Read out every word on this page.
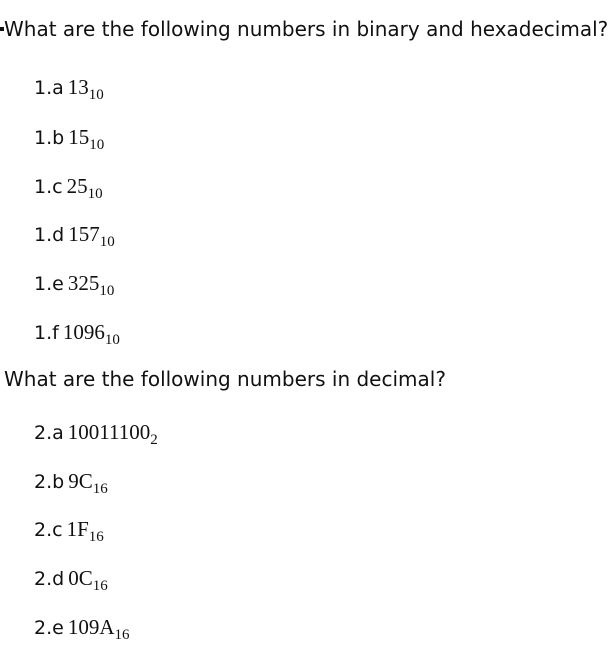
What are the following numbers in binary and hexadecimal?
1.a $13_{10}$
1.b $15_{10}$
1.c $25_{10}$
1.d $157_{10}$
1.e $325_{10}$
1.f $1096_{10}$
What are the following numbers in decimal?
2.a $10011100_2$
2.b $9C_{16}$
2.c $1F_{16}$
2.d $0C_{16}$
2.e $109A_{16}$
